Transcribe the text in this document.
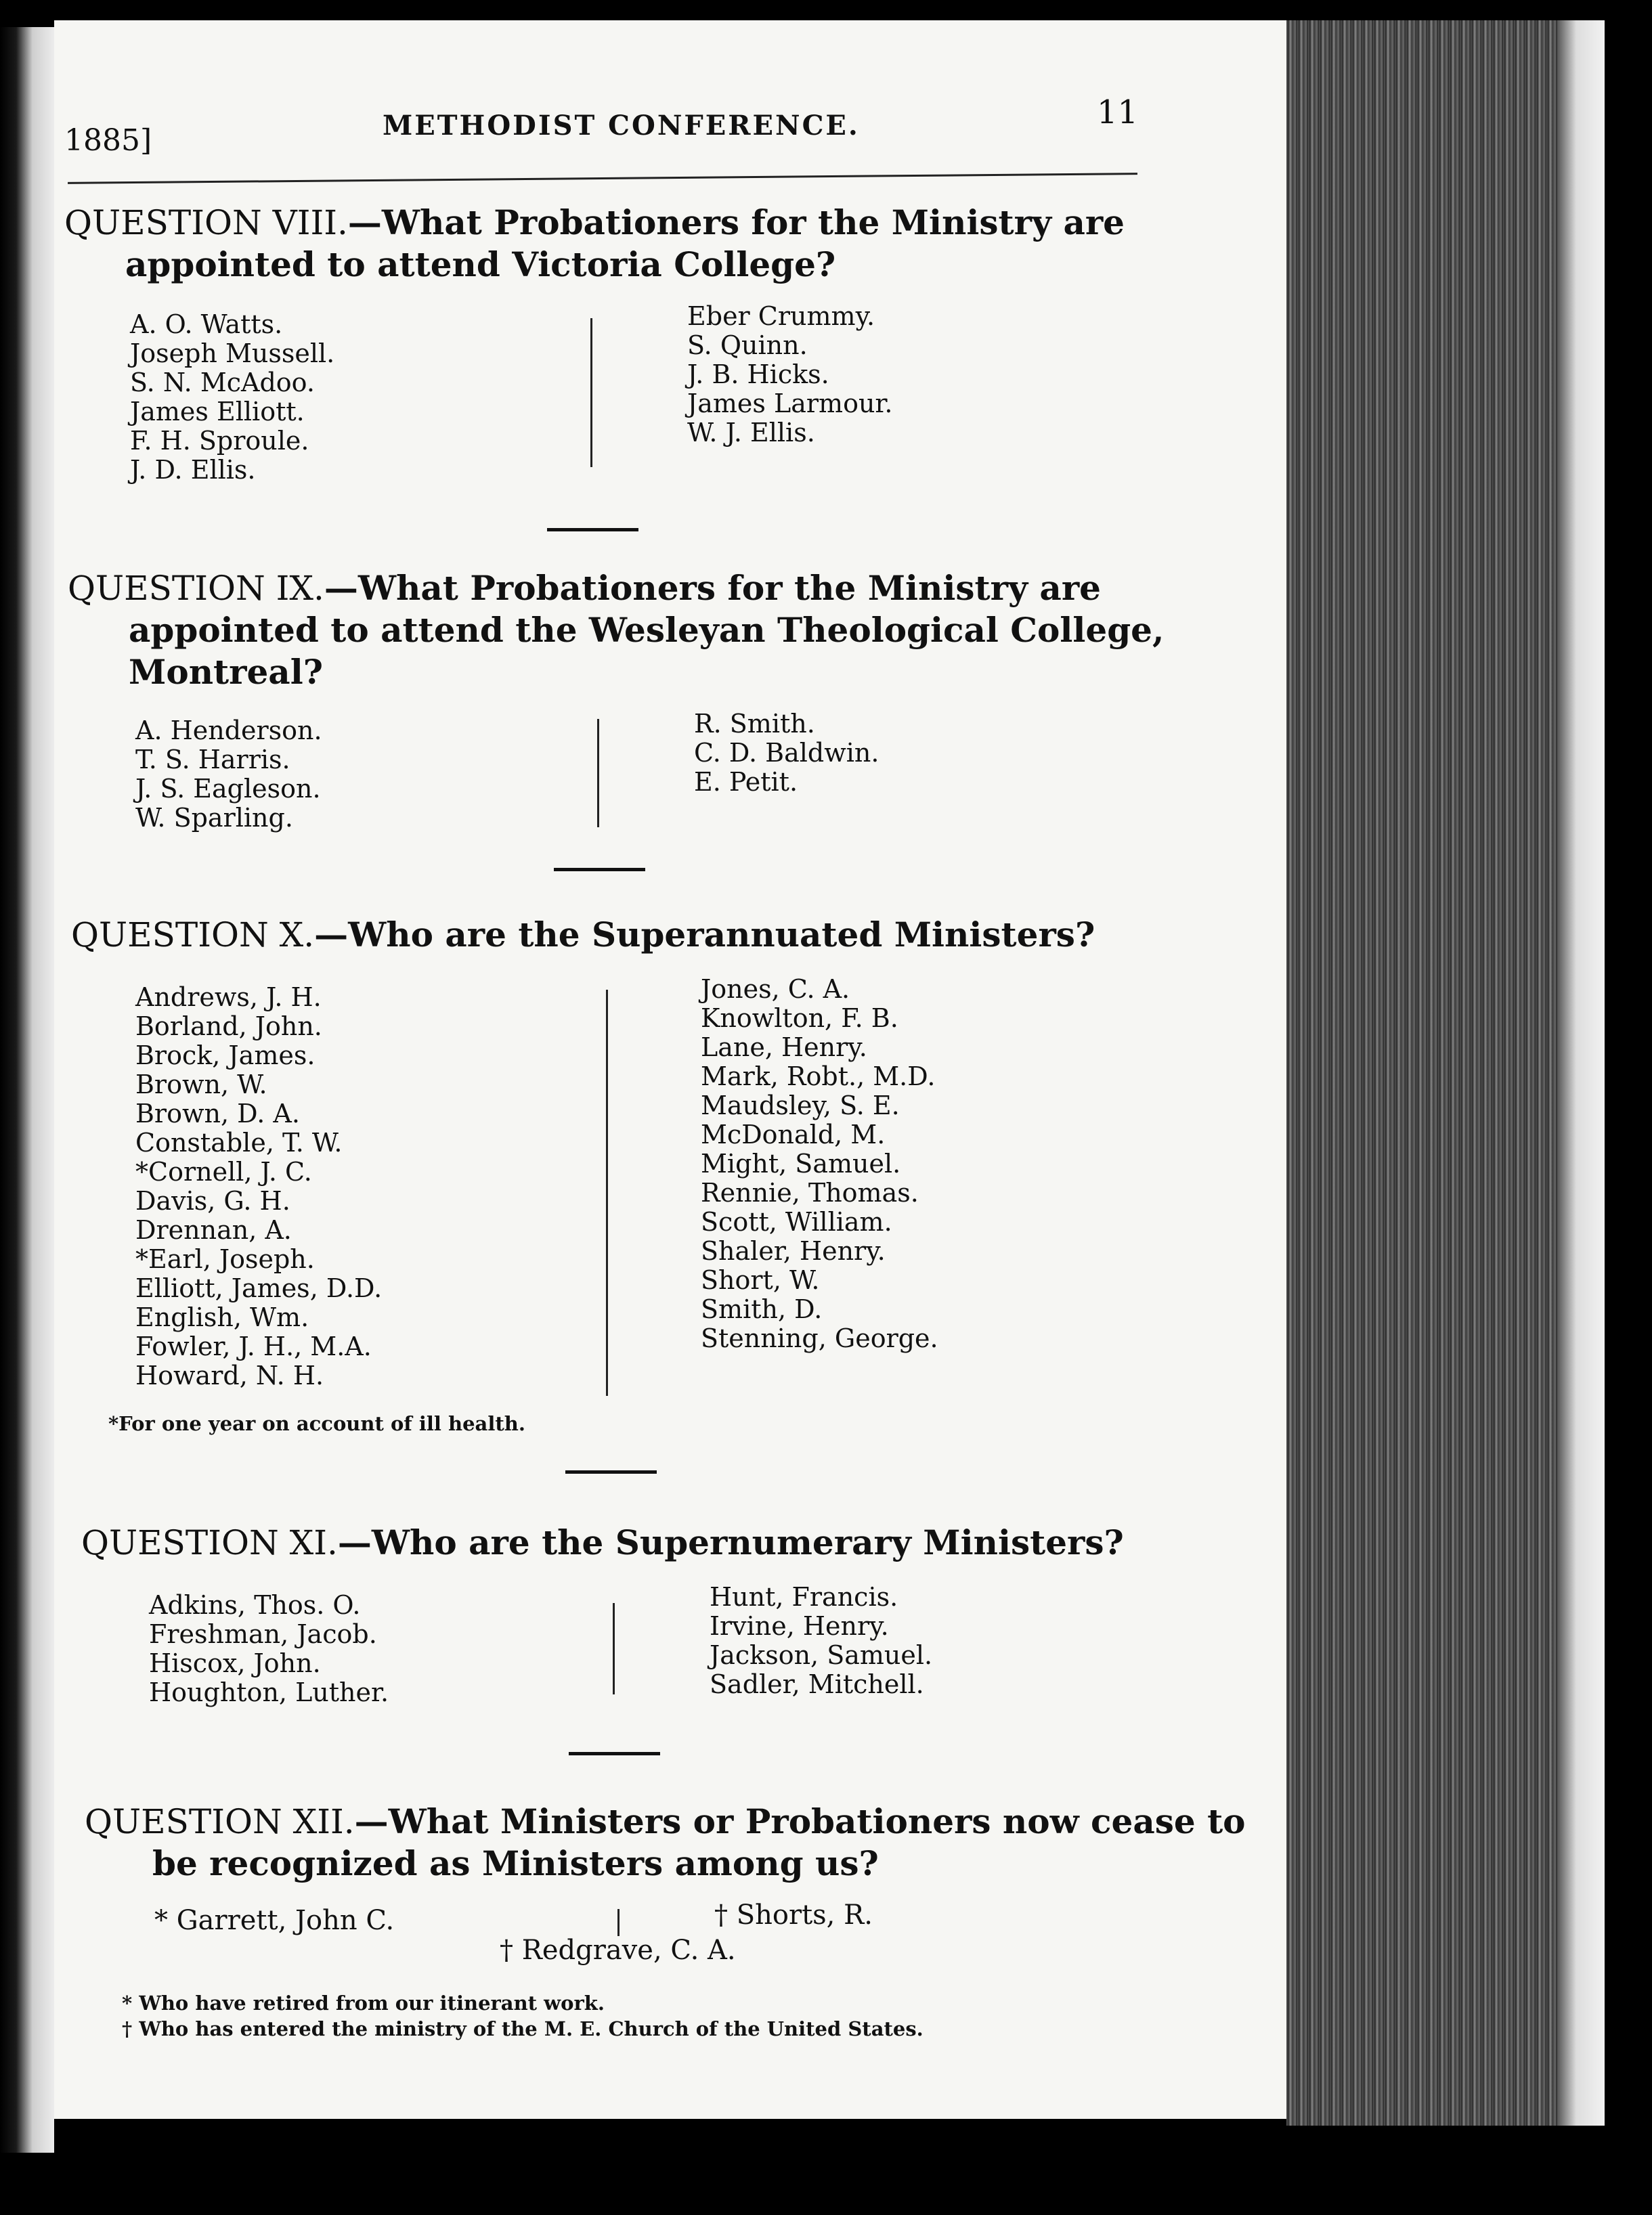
1885]	METHODIST CONFERENCE.	11
QUESTION VIII.—What Probationers for the Ministry are appointed to attend Victoria College?
A. O. Watts.
Joseph Mussell.
S. N. McAdoo.
James Elliott.
F. H. Sproule.
J. D. Ellis.
Eber Crummy.
S. Quinn.
J. B. Hicks.
James Larmour.
W. J. Ellis.
QUESTION IX.—What Probationers for the Ministry are appointed to attend the Wesleyan Theological College, Montreal?
A. Henderson.
T. S. Harris.
J. S. Eagleson.
W. Sparling.
R. Smith.
C. D. Baldwin.
E. Petit.
QUESTION X.—Who are the Superannuated Ministers?
Andrews, J. H.
Borland, John.
Brock, James.
Brown, W.
Brown, D. A.
Constable, T. W.
*Cornell, J. C.
Davis, G. H.
Drennan, A.
*Earl, Joseph.
Elliott, James, D.D.
English, Wm.
Fowler, J. H., M.A.
Howard, N. H.
Jones, C. A.
Knowlton, F. B.
Lane, Henry.
Mark, Robt., M.D.
Maudsley, S. E.
McDonald, M.
Might, Samuel.
Rennie, Thomas.
Scott, William.
Shaler, Henry.
Short, W.
Smith, D.
Stenning, George.
*For one year on account of ill health.
QUESTION XI.—Who are the Supernumerary Ministers?
Adkins, Thos. O.
Freshman, Jacob.
Hiscox, John.
Houghton, Luther.
Hunt, Francis.
Irvine, Henry.
Jackson, Samuel.
Sadler, Mitchell.
QUESTION XII.—What Ministers or Probationers now cease to be recognized as Ministers among us?
* Garrett, John C.	† Shorts, R.
† Redgrave, C. A.
* Who have retired from our itinerant work.
† Who has entered the ministry of the M. E. Church of the United States.
